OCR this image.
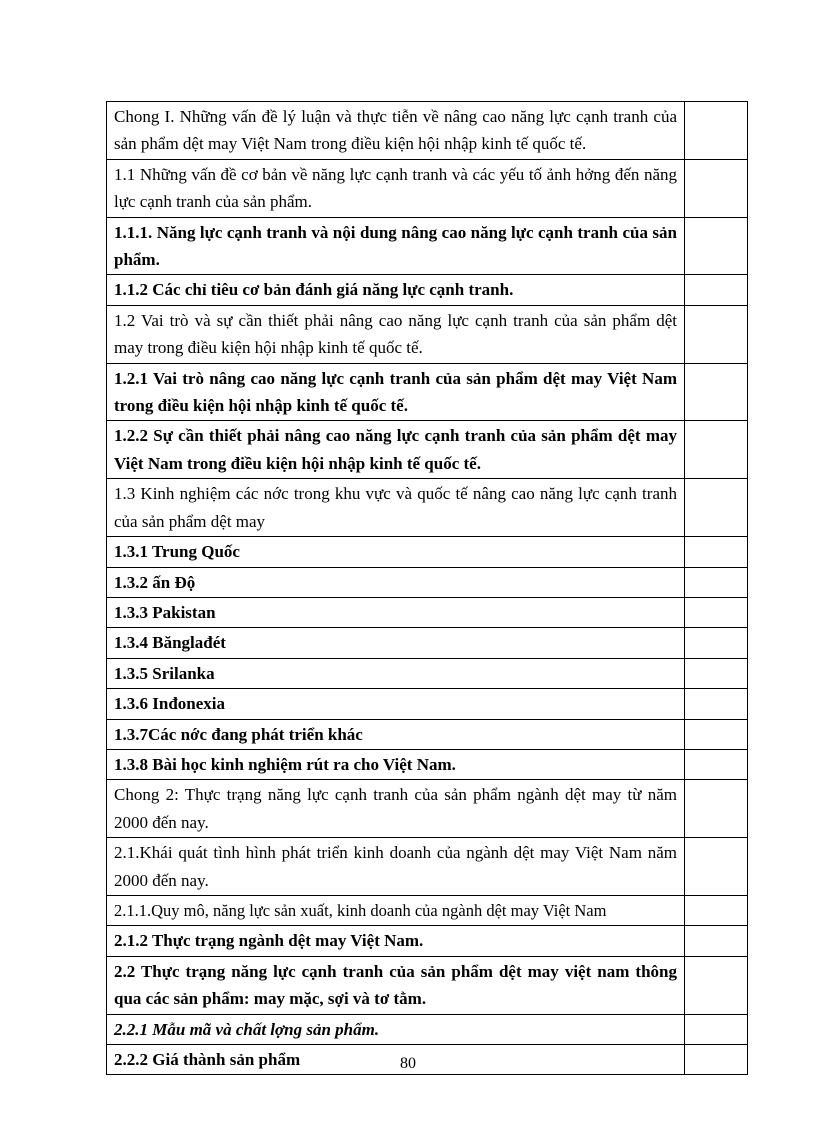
Chong I. Những vấn đề lý luận và thực tiễn về nâng cao năng lực cạnh tranh của sản phẩm dệt may Việt Nam trong điều kiện hội nhập kinh tế quốc tế.	
1.1 Những vấn đề cơ bản về năng lực cạnh tranh và các yếu tố ảnh hởng đến năng lực cạnh tranh của sản phẩm.	
1.1.1. Năng lực cạnh tranh và nội dung nâng cao năng lực cạnh tranh của sản phẩm.	
1.1.2 Các chỉ tiêu cơ bản đánh giá năng lực cạnh tranh.	
1.2 Vai trò và sự cần thiết phải nâng cao năng lực cạnh tranh của sản phẩm dệt may trong điều kiện hội nhập kinh tế quốc tế.	
1.2.1 Vai trò nâng cao năng lực cạnh tranh của sản phẩm dệt may Việt Nam trong điều kiện hội nhập kinh tế quốc tế.	
1.2.2 Sự cần thiết phải nâng cao năng lực cạnh tranh của sản phẩm dệt may Việt Nam trong điều kiện hội nhập kinh tế quốc tế.	
1.3 Kinh nghiệm các nớc trong khu vực và quốc tế nâng cao năng lực cạnh tranh của sản phẩm dệt may	
1.3.1 Trung Quốc	
1.3.2 ấn Độ	
1.3.3 Pakistan	
1.3.4 Bănglađét	
1.3.5 Srilanka	
1.3.6 Inđonexia	
1.3.7Các nớc đang phát triển khác	
1.3.8 Bài học kinh nghiệm rút ra cho Việt Nam.	
Chong 2: Thực trạng năng lực cạnh tranh của sản phẩm ngành dệt may từ năm 2000 đến nay.	
2.1.Khái quát tình hình phát triển kinh doanh của ngành dệt may Việt Nam năm 2000 đến nay.	
2.1.1.Quy mô, năng lực sản xuất, kinh doanh của ngành dệt may Việt Nam	
2.1.2 Thực trạng ngành dệt may Việt Nam.	
2.2 Thực trạng năng lực cạnh tranh của sản phẩm dệt may việt nam thông qua các sản phẩm: may mặc, sợi và tơ tằm.	
2.2.1 Mẫu mã và chất lợng sản phẩm.	
2.2.2 Giá thành sản phẩm		80
